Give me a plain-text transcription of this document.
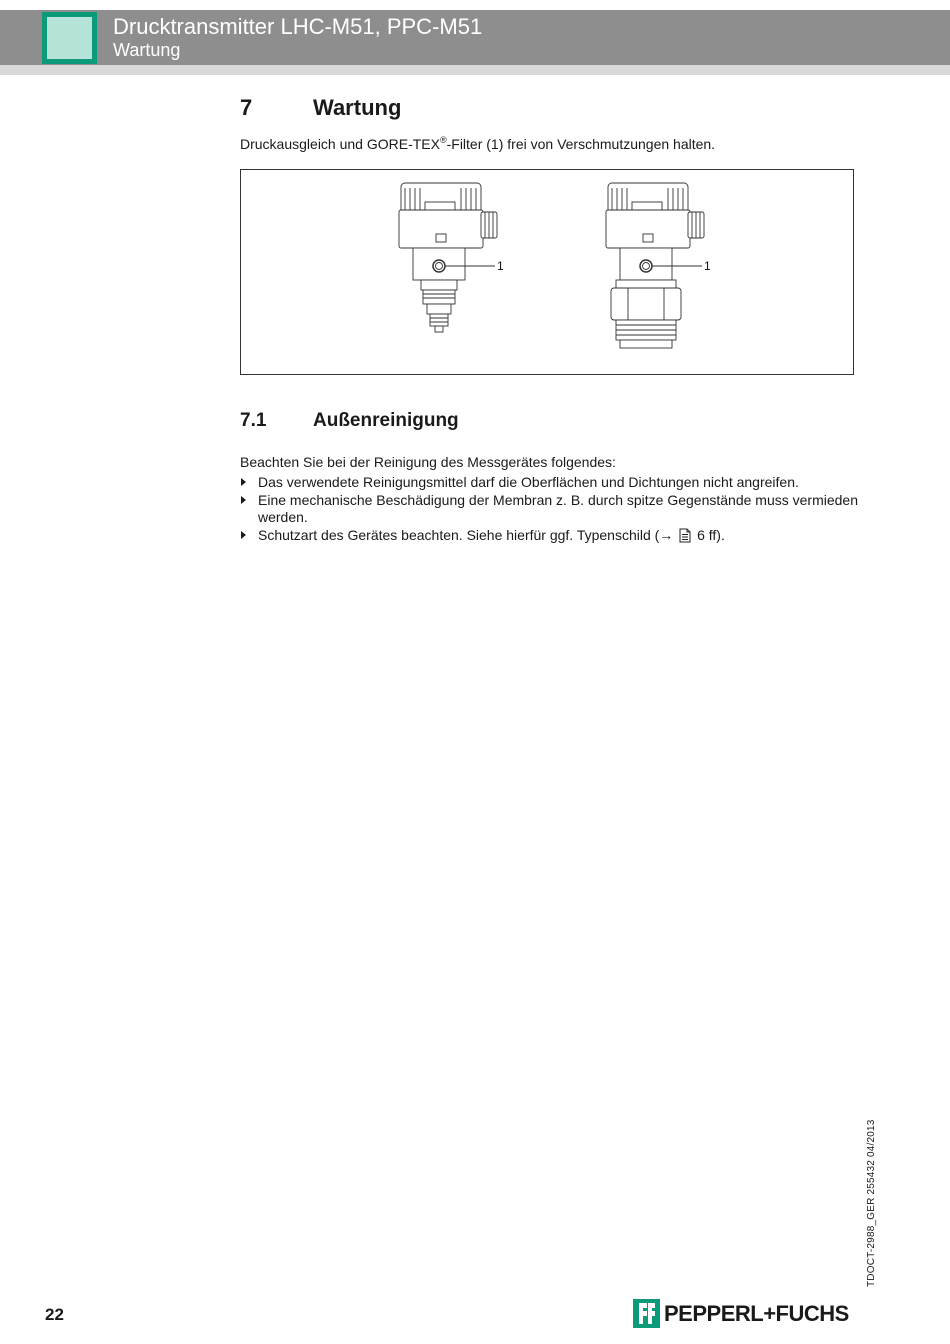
Drucktransmitter LHC-M51, PPC-M51
Wartung
7	Wartung
Druckausgleich und GORE-TEX®-Filter (1) frei von Verschmutzungen halten.
1	1
7.1 Außenreinigung
Beachten Sie bei der Reinigung des Messgerätes folgendes:
Das verwendete Reinigungsmittel darf die Oberflächen und Dichtungen nicht angreifen.
Eine mechanische Beschädigung der Membran z. B. durch spitze Gegenstände muss vermieden werden.
Schutzart des Gerätes beachten. Siehe hierfür ggf. Typenschild (→  6 ff).
22
TDOCT-2988_GER 255432 04/2013
PEPPERL+FUCHS
